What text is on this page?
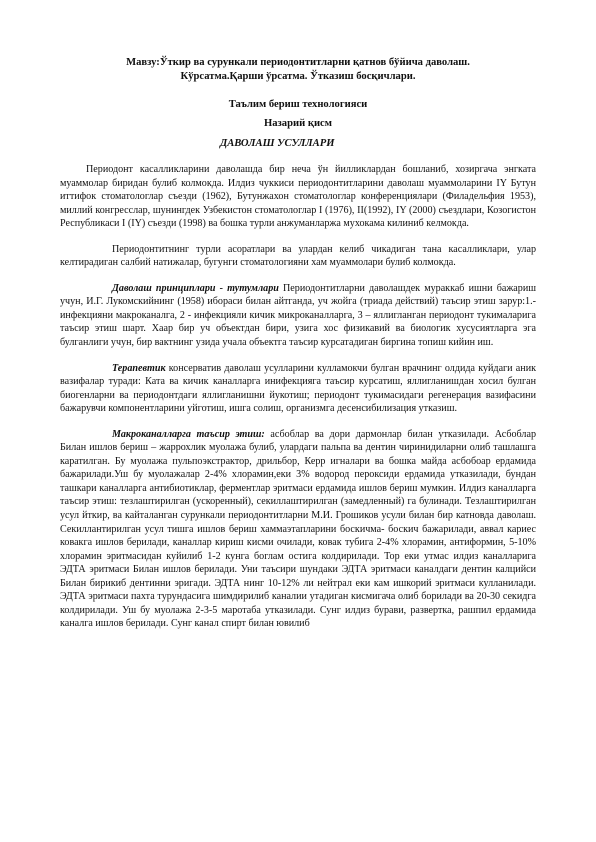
Мавзу:Ўткир ва сурункали периодонтитларни қатнов бўйича даволаш.
Кўрсатма.Қарши ўрсатма. Ўтказиш босқичлари.
Таълим бериш технологияси
Назарий қисм
ДАВОЛАШ УСУЛЛАРИ

Периодонт касалликларини даволашда бир неча ўн йилликлардан бошланиб, хозиргача энгката муаммолар биридан булиб колмокда. Илдиз чуккиси периодонтитларини даволаш муаммоларини IY Бутун иттифок стоматологлар съезди (1962), Бутунжахон стоматологлар конференциялари (Филадельфия 1953), миллий конгресслар, шунингдек Узбекистон стоматологлар I (1976), II(1992), IY (2000) съездлари, Козогистон Республикаси I (IY) съезди (1998) ва бошка турли анжуманларжа мухокама килиниб келмокда.

Периодонтитнинг турли асоратлари ва улардан келиб чикадиган тана касалликлари, улар келтирадиган салбий натижалар, бугунги стоматологияни хам муаммолари булиб колмокда.

Даволаш принциплари - тутумлари Периодонтитларни даволашдек мураккаб ишни бажариш учун, И.Г. Лукомскийнинг (1958) ибораси билан айтганда, уч жойга (триада действий) таъсир этиш зарур:1.-инфекцияни макроканалга, 2 - инфекцияли кичик микроканалларга, 3 – яллигланган периодонт тукималарига таъсир этиш шарт. Хаар бир уч объектдан бири, узига хос физикавий ва биологик хусусиятларга эга булганлиги учун, бир вактнинг узида учала объектга таъсир курсатадиган биргина топиш кийин иш.

Терапевтик консерватив даволаш усулларини кулламокчи булган врачнинг олдида куйдаги аник вазифалар туради: Ката ва кичик каналларга инифекцияга таъсир курсатиш, яллигланишдан хосил булган биогенларни ва периодонтдаги яллигланишни йукотиш; периодонт тукимасидаги регенерация вазифасини бажарувчи компонентларини уйготиш, ишга солиш, организмга десенсибилизация утказиш.

Макроканалларга таъсир этиш: асбоблар ва дори дармонлар билан утказилади. Асбоблар Билан ишлов бериш – жаррохлик муолажа булиб, улардаги пальпа ва дентин чиринидиларни олиб ташлашга каратилган. Бу муолажа пульпоэкстрактор, дрильбор, Керр игналари ва бошка майда асбобоар ердамида бажарилади.Уш бу муолажалар 2-4% хлорамин,еки 3% водород пероксиди ердамида утказилади, бундан ташкари каналларга антибиотиклар, ферментлар эритмаси ердамида ишлов бериш мумкин. Илдиз каналларга таъсир этиш: тезлаштирилган (ускоренный), секиллаштирилган (замедленный) га булинади. Тезлаштирилган усул йткир, ва кайталанган сурункали периодонтитларни М.И. Грошиков усули билан бир катновда даволаш. Секиллантирилган усул тишга ишлов бериш хаммаэтапларини боскичма- боскич бажарилади, аввал кариес ковакга ишлов берилади, каналлар кириш кисми очилади, ковак тубига 2-4% хлорамин, антиформин, 5-10% хлорамин эритмасидан куйилиб 1-2 кунга боглам остига колдирилади. Тор еки утмас илдиз каналларига ЭДТА эритмаси Билан ишлов берилади. Уни таъсири шундаки ЭДТА эритмаси каналдаги дентин калцийси Билан бирикиб дентинни эригади. ЭДТА нинг 10-12% ли нейтрал еки кам ишкорий эритмаси кулланилади. ЭДТА эритмаси пахта турундасига шимдирилиб каналии утадиган кисмигача олиб борилади ва 20-30 секидга колдирилади. Уш бу муолажа 2-3-5 маротаба утказилади. Сунг илдиз бурави, развертка, рашпил ердамида каналга ишлов берилади. Сунг канал спирт билан ювилиб
